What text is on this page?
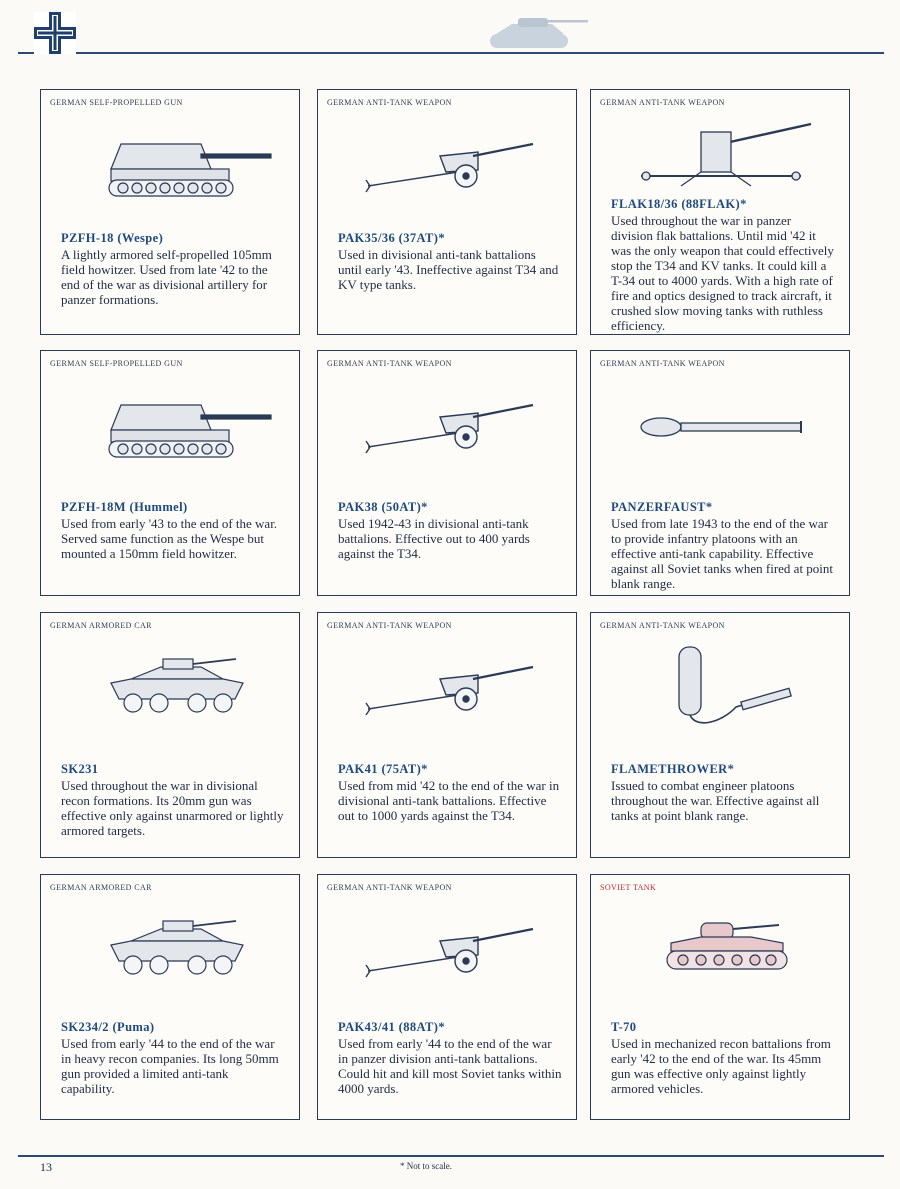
GERMAN SELF-PROPELLED GUN
PZFH-18 (Wespe)

A lightly armored self-propelled 105mm field howitzer. Used from late '42 to the end of the war as divisional artillery for panzer formations.

GERMAN ANTI-TANK WEAPON
PAK35/36 (37AT)*

Used in divisional anti-tank battalions until early '43. Ineffective against T34 and KV type tanks.

GERMAN ANTI-TANK WEAPON
FLAK18/36 (88FLAK)*

Used throughout the war in panzer division flak battalions. Until mid '42 it was the only weapon that could effectively stop the T34 and KV tanks. It could kill a T-34 out to 4000 yards. With a high rate of fire and optics designed to track aircraft, it crushed slow moving tanks with ruthless efficiency.

GERMAN SELF-PROPELLED GUN
PZFH-18M (Hummel)

Used from early '43 to the end of the war. Served same function as the Wespe but mounted a 150mm field howitzer.

GERMAN ANTI-TANK WEAPON
PAK38 (50AT)*

Used 1942-43 in divisional anti-tank battalions. Effective out to 400 yards against the T34.

GERMAN ANTI-TANK WEAPON
PANZERFAUST*

Used from late 1943 to the end of the war to provide infantry platoons with an effective anti-tank capability. Effective against all Soviet tanks when fired at point blank range.

GERMAN ARMORED CAR
SK231

Used throughout the war in divisional recon formations. Its 20mm gun was effective only against unarmored or lightly armored targets.

GERMAN ANTI-TANK WEAPON
PAK41 (75AT)*

Used from mid '42 to the end of the war in divisional anti-tank battalions. Effective out to 1000 yards against the T34.

GERMAN ANTI-TANK WEAPON
FLAMETHROWER*

Issued to combat engineer platoons throughout the war. Effective against all tanks at point blank range.

GERMAN ARMORED CAR
SK234/2 (Puma)

Used from early '44 to the end of the war in heavy recon companies. Its long 50mm gun provided a limited anti-tank capability.

GERMAN ANTI-TANK WEAPON
PAK43/41 (88AT)*

Used from early '44 to the end of the war in panzer division anti-tank battalions. Could hit and kill most Soviet tanks within 4000 yards.

SOVIET TANK
T-70

Used in mechanized recon battalions from early '42 to the end of the war. Its 45mm gun was effective only against lightly armored vehicles.

13	* Not to scale.
